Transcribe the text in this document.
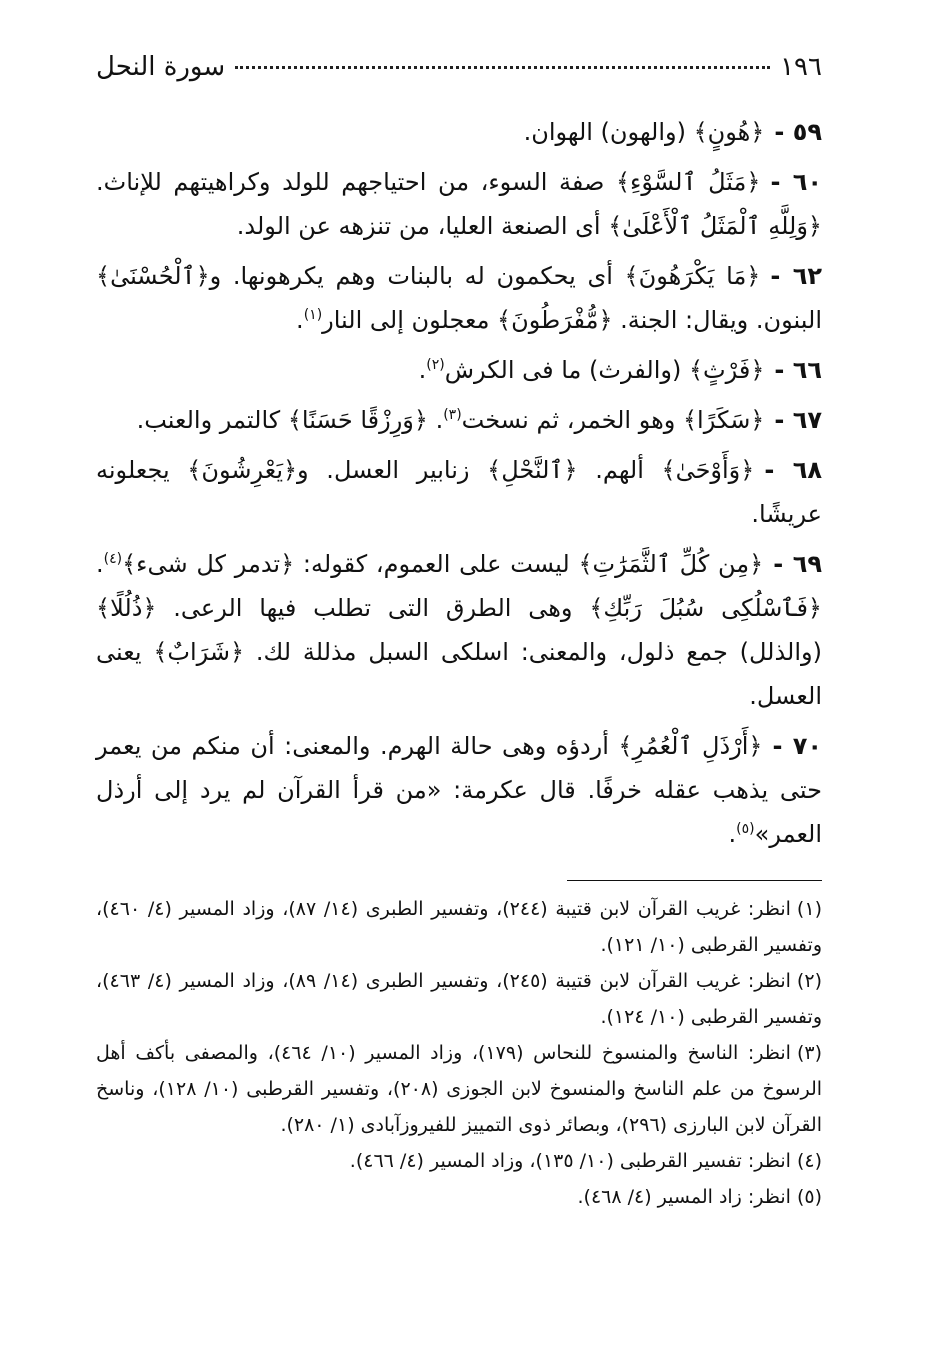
١٩٦
سورة النحل

٥٩ -﴿هُونٍ﴾ (والهون) الهوان.

٦٠ -﴿مَثَلُ ٱلسَّوْءِ﴾ صفة السوء، من احتياجهم للولد وكراهيتهم للإناث. ﴿وَلِلَّهِ ٱلْمَثَلُ ٱلْأَعْلَىٰ﴾ أى الصنعة العليا، من تنزهه عن الولد.

٦٢ -﴿مَا يَكْرَهُونَ﴾ أى يحكمون له بالبنات وهم يكرهونها. و﴿ٱلْحُسْنَىٰ﴾ البنون. ويقال: الجنة. ﴿مُّفْرَطُونَ﴾ معجلون إلى النار$^{(١)}$.

٦٦ -﴿فَرْثٍ﴾ (والفرث) ما فى الكرش$^{(٢)}$.

٦٧ -﴿سَكَرًا﴾ وهو الخمر، ثم نسخت$^{(٣)}$. ﴿وَرِزْقًا حَسَنًا﴾ كالتمر والعنب.

٦٨ -﴿وَأَوْحَىٰ﴾ ألهم. ﴿ٱلنَّحْلِ﴾ زنابير العسل. و﴿يَعْرِشُونَ﴾ يجعلونه عريشًا.

٦٩ -﴿مِن كُلِّ ٱلثَّمَرَٰتِ﴾ ليست على العموم، كقوله: ﴿تدمر كل شىء﴾$^{(٤)}$. ﴿فَٱسْلُكِى سُبُلَ رَبِّكِ﴾ وهى الطرق التى تطلب فيها الرعى. ﴿ذُلُلًا﴾ (والذلل) جمع ذلول، والمعنى: اسلكى السبل مذللة لك. ﴿شَرَابٌ﴾ يعنى العسل.

٧٠ -﴿أَرْذَلِ ٱلْعُمُرِ﴾ أردؤه وهى حالة الهرم. والمعنى: أن منكم من يعمر حتى يذهب عقله خرفًا. قال عكرمة: «من قرأ القرآن لم يرد إلى أرذل العمر»$^{(٥)}$.

(١)انظر: غريب القرآن لابن قتيبة (٢٤٤)، وتفسير الطبرى (١٤/ ٨٧)، وزاد المسير (٤/ ٤٦٠)، وتفسير القرطبى (١٠/ ١٢١).

(٢)انظر: غريب القرآن لابن قتيبة (٢٤٥)، وتفسير الطبرى (١٤/ ٨٩)، وزاد المسير (٤/ ٤٦٣)، وتفسير القرطبى (١٠/ ١٢٤).

(٣)انظر: الناسخ والمنسوخ للنحاس (١٧٩)، وزاد المسير (١٠/ ٤٦٤)، والمصفى بأكف أهل الرسوخ من علم الناسخ والمنسوخ لابن الجوزى (٢٠٨)، وتفسير القرطبى (١٠/ ١٢٨)، وناسخ القرآن لابن البارزى (٢٩٦)، وبصائر ذوى التمييز للفيروزآبادى (١/ ٢٨٠).

(٤)انظر: تفسير القرطبى (١٠/ ١٣٥)، وزاد المسير (٤/ ٤٦٦).

(٥)انظر: زاد المسير (٤/ ٤٦٨).
